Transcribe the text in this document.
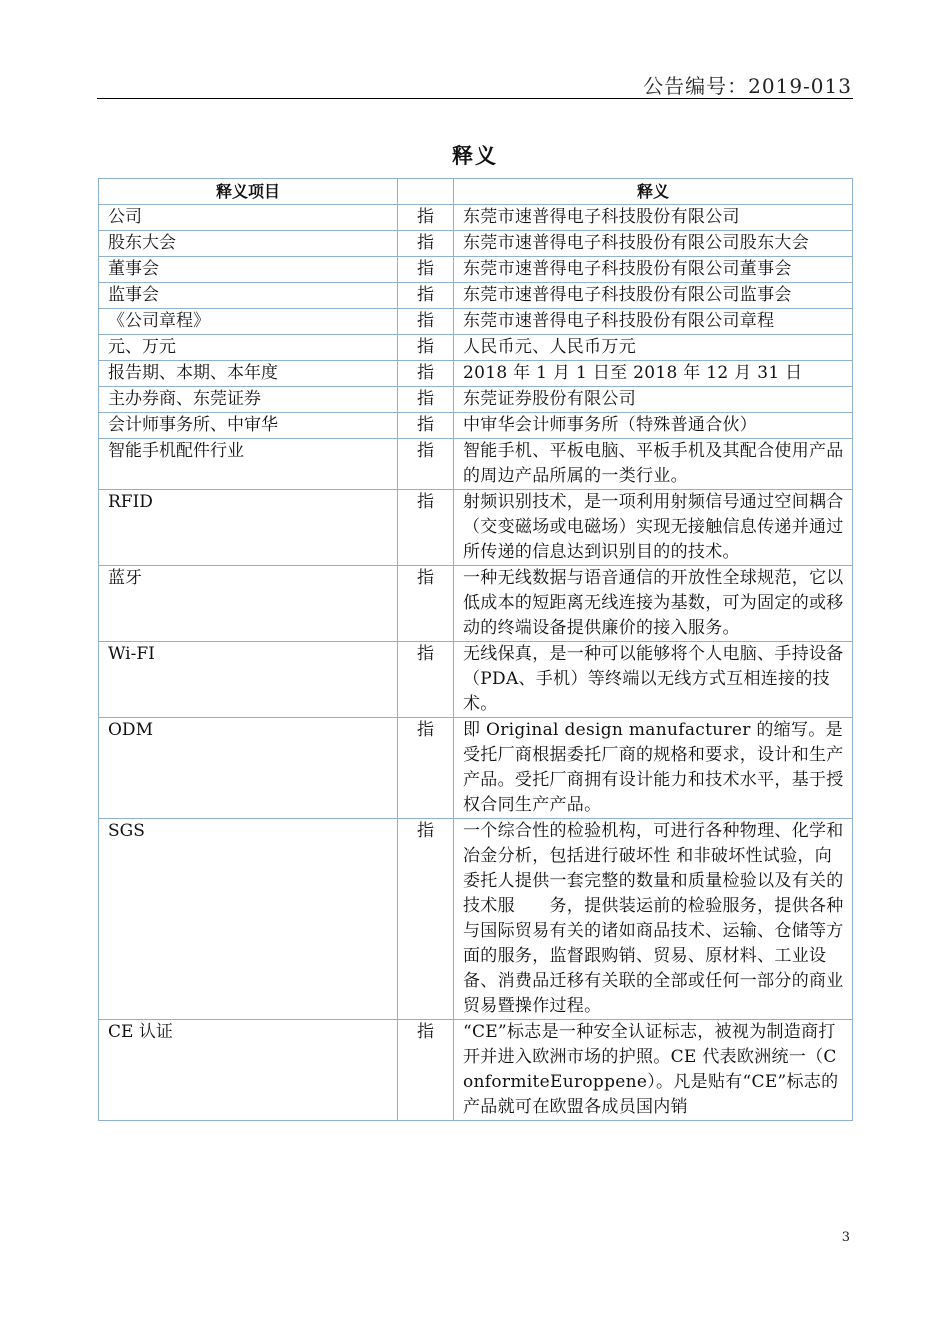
公告编号：2019-013
释义
释义项目		释义
公司	指	东莞市速普得电子科技股份有限公司
股东大会	指	东莞市速普得电子科技股份有限公司股东大会
董事会	指	东莞市速普得电子科技股份有限公司董事会
监事会	指	东莞市速普得电子科技股份有限公司监事会
《公司章程》	指	东莞市速普得电子科技股份有限公司章程
元、万元	指	人民币元、人民币万元
报告期、本期、本年度	指	2018 年 1 月 1 日至 2018 年 12 月 31 日
主办券商、东莞证券	指	东莞证券股份有限公司
会计师事务所、中审华	指	中审华会计师事务所（特殊普通合伙）
智能手机配件行业	指	智能手机、平板电脑、平板手机及其配合使用产品的周边产品所属的一类行业。
RFID	指	射频识别技术，是一项利用射频信号通过空间耦合（交变磁场或电磁场）实现无接触信息传递并通过所传递的信息达到识别目的的技术。
蓝牙	指	一种无线数据与语音通信的开放性全球规范，它以低成本的短距离无线连接为基数，可为固定的或移动的终端设备提供廉价的接入服务。
Wi-FI	指	无线保真，是一种可以能够将个人电脑、手持设备（PDA、手机）等终端以无线方式互相连接的技术。
ODM	指	即 Original design manufacturer 的缩写。是受托厂商根据委托厂商的规格和要求，设计和生产产品。受托厂商拥有设计能力和技术水平，基于授权合同生产产品。
SGS	指	一个综合性的检验机构，可进行各种物理、化学和冶金分析，包括进行破坏性 和非破坏性试验，向委托人提供一套完整的数量和质量检验以及有关的技术服　　务，提供装运前的检验服务，提供各种与国际贸易有关的诸如商品技术、运输、仓储等方面的服务，监督跟购销、贸易、原材料、工业设备、消费品迁移有关联的全部或任何一部分的商业贸易暨操作过程。
CE 认证	指	“CE”标志是一种安全认证标志，被视为制造商打开并进入欧洲市场的护照。CE 代表欧洲统一（ConformiteEuroppene）。凡是贴有“CE”标志的产品就可在欧盟各成员国内销
3
